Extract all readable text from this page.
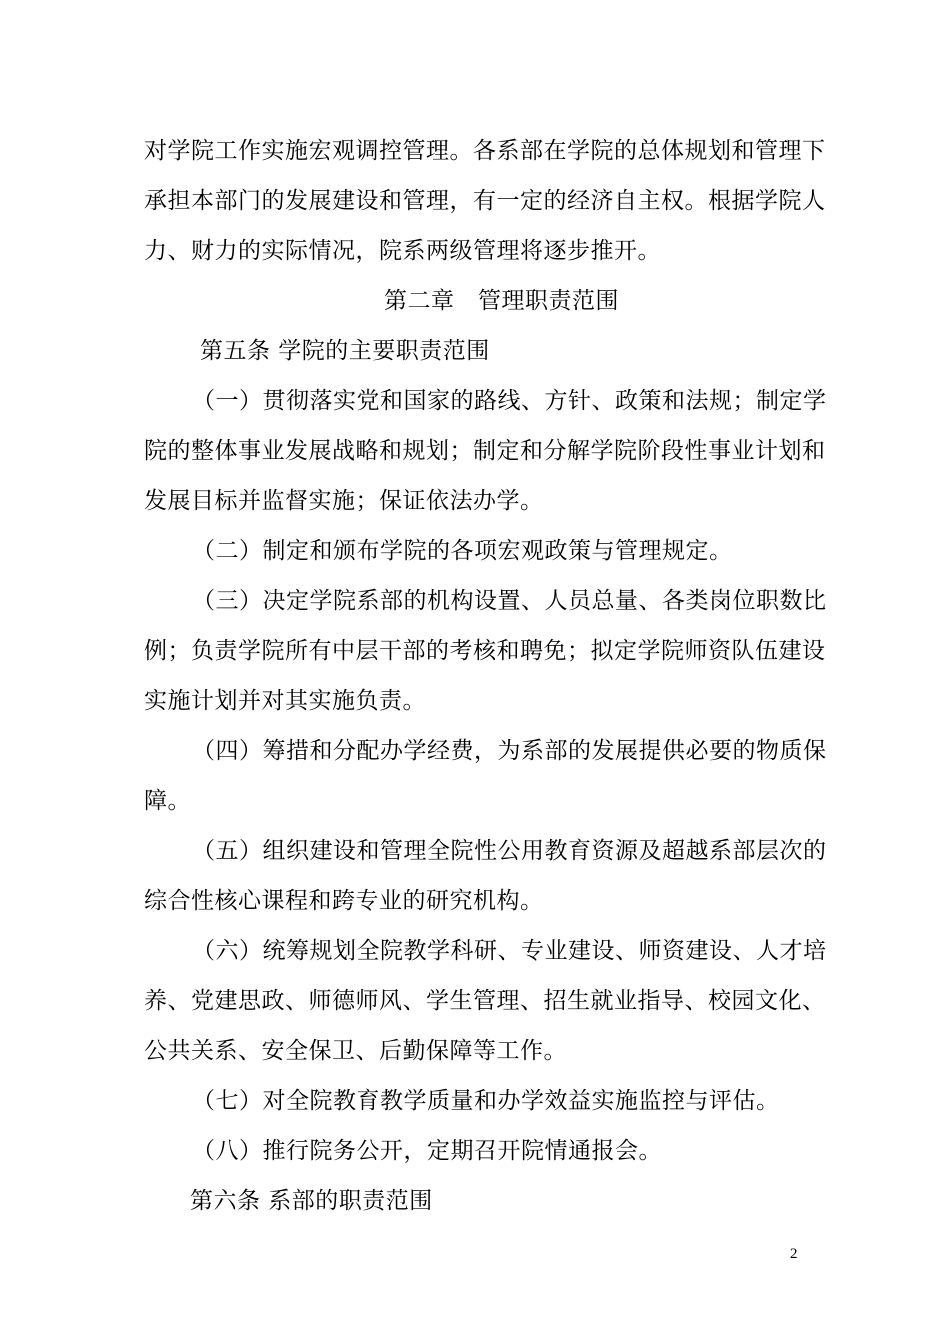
对学院工作实施宏观调控管理。各系部在学院的总体规划和管理下
承担本部门的发展建设和管理，有一定的经济自主权。根据学院人
力、财力的实际情况，院系两级管理将逐步推开。
第二章　管理职责范围
第五条 学院的主要职责范围
（一）贯彻落实党和国家的路线、方针、政策和法规；制定学
院的整体事业发展战略和规划；制定和分解学院阶段性事业计划和
发展目标并监督实施；保证依法办学。
（二）制定和颁布学院的各项宏观政策与管理规定。
（三）决定学院系部的机构设置、人员总量、各类岗位职数比
例；负责学院所有中层干部的考核和聘免；拟定学院师资队伍建设
实施计划并对其实施负责。
（四）筹措和分配办学经费，为系部的发展提供必要的物质保
障。
（五）组织建设和管理全院性公用教育资源及超越系部层次的
综合性核心课程和跨专业的研究机构。
（六）统筹规划全院教学科研、专业建设、师资建设、人才培
养、党建思政、师德师风、学生管理、招生就业指导、校园文化、
公共关系、安全保卫、后勤保障等工作。
（七）对全院教育教学质量和办学效益实施监控与评估。
（八）推行院务公开，定期召开院情通报会。
第六条 系部的职责范围
2
